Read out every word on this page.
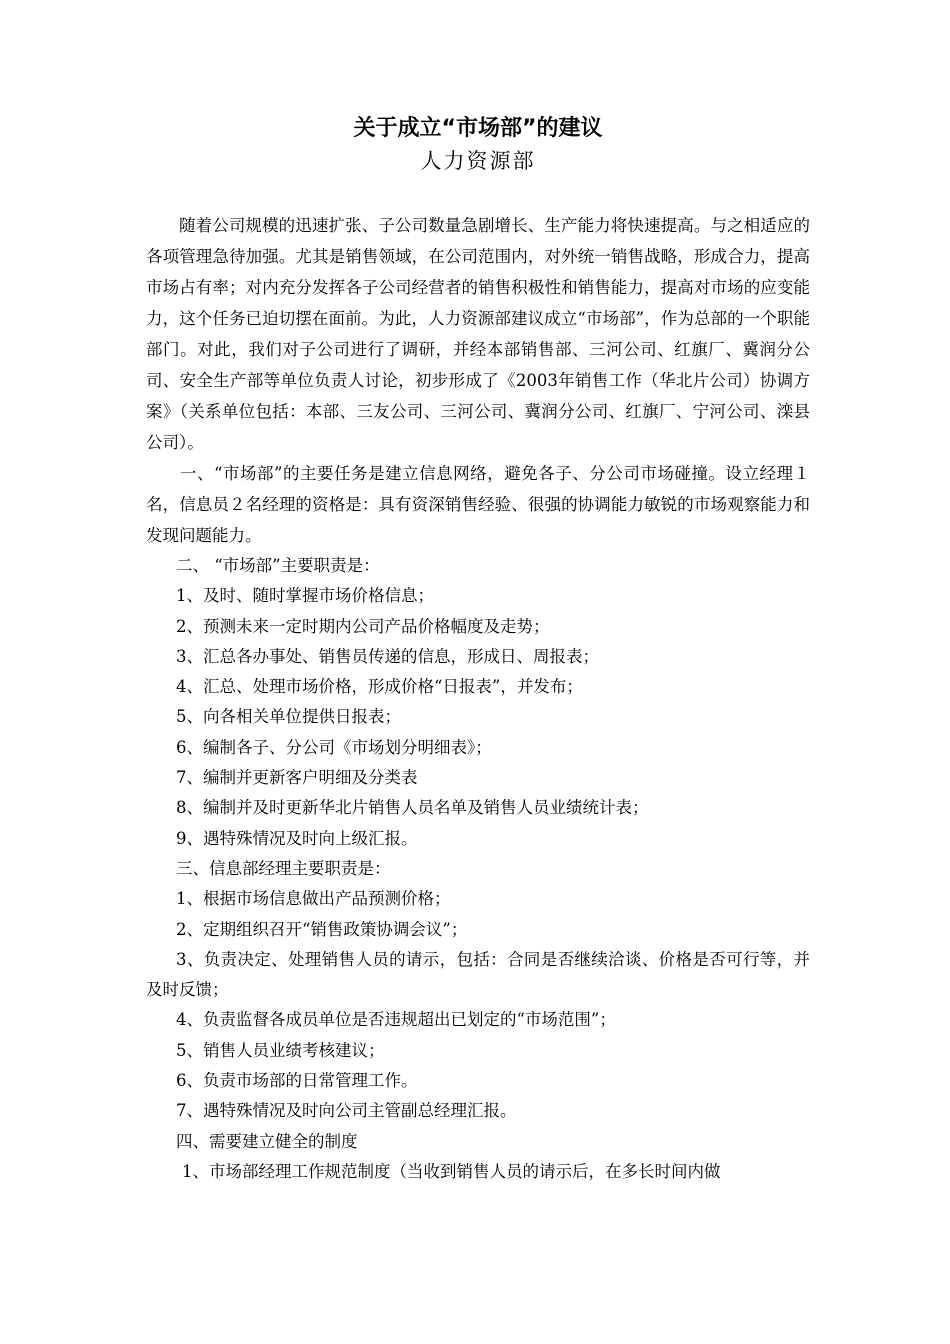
关于成立“市场部”的建议
人力资源部

随着公司规模的迅速扩张、子公司数量急剧增长、生产能力将快速提高。与之相适应的各项管理急待加强。尤其是销售领域，在公司范围内，对外统一销售战略，形成合力，提高市场占有率；对内充分发挥各子公司经营者的销售积极性和销售能力，提高对市场的应变能力，这个任务已迫切摆在面前。为此，人力资源部建议成立“市场部”，作为总部的一个职能部门。对此，我们对子公司进行了调研，并经本部销售部、三河公司、红旗厂、冀润分公司、安全生产部等单位负责人讨论，初步形成了《2003年销售工作（华北片公司）协调方案》（关系单位包括：本部、三友公司、三河公司、冀润分公司、红旗厂、宁河公司、滦县公司）。

一、“市场部”的主要任务是建立信息网络，避免各子、分公司市场碰撞。设立经理１名，信息员２名经理的资格是：具有资深销售经验、很强的协调能力敏锐的市场观察能力和发现问题能力。

二、 “市场部”主要职责是：

1、及时、随时掌握市场价格信息；

2、预测未来一定时期内公司产品价格幅度及走势；

3、汇总各办事处、销售员传递的信息，形成日、周报表；

4、汇总、处理市场价格，形成价格“日报表”，并发布；

5、向各相关单位提供日报表；

6、编制各子、分公司《市场划分明细表》；

7、编制并更新客户明细及分类表

8、编制并及时更新华北片销售人员名单及销售人员业绩统计表；

9、遇特殊情况及时向上级汇报。

三、信息部经理主要职责是：

1、根据市场信息做出产品预测价格；

2、定期组织召开“销售政策协调会议”；

3、负责决定、处理销售人员的请示，包括：合同是否继续洽谈、价格是否可行等，并及时反馈；

4、负责监督各成员单位是否违规超出已划定的“市场范围”；

5、销售人员业绩考核建议；

6、负责市场部的日常管理工作。

7、遇特殊情况及时向公司主管副总经理汇报。

四、需要建立健全的制度

1、市场部经理工作规范制度（当收到销售人员的请示后，在多长时间内做
